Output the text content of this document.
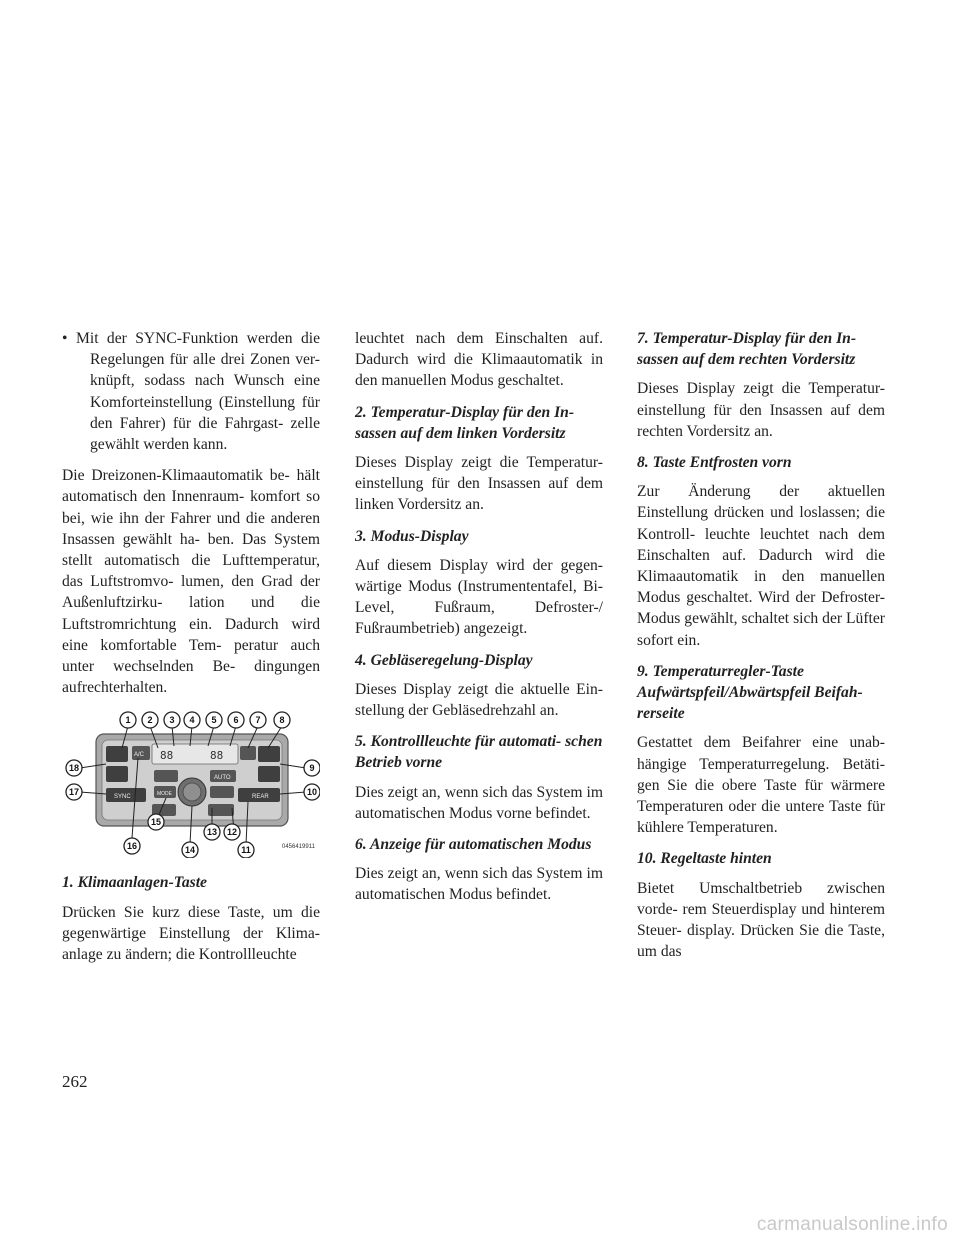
• Mit der SYNC-Funktion werden die Regelungen für alle drei Zonen ver- knüpft, sodass nach Wunsch eine Komforteinstellung (Einstellung für den Fahrer) für die Fahrgast- zelle gewählt werden kann.

Die Dreizonen-Klimaautomatik be- hält automatisch den Innenraum- komfort so bei, wie ihn der Fahrer und die anderen Insassen gewählt ha- ben. Das System stellt automatisch die Lufttemperatur, das Luftstromvo- lumen, den Grad der Außenluftzirku- lation und die Luftstromrichtung ein. Dadurch wird eine komfortable Tem- peratur auch unter wechselnden Be- dingungen aufrechterhalten.

A/C
SYNC
AUTO
REAR
MODE
88	88
1 2 3 4 5 6 7 8
9
10
11
12
13
14
15
16
17
18
0456419911
1. Klimaanlagen-Taste

Drücken Sie kurz diese Taste, um die gegenwärtige Einstellung der Klima- anlage zu ändern; die Kontrollleuchte

leuchtet nach dem Einschalten auf. Dadurch wird die Klimaautomatik in den manuellen Modus geschaltet.

2. Temperatur-Display für den In- sassen auf dem linken Vordersitz

Dieses Display zeigt die Temperatur- einstellung für den Insassen auf dem linken Vordersitz an.

3. Modus-Display

Auf diesem Display wird der gegen- wärtige Modus (Instrumententafel, Bi-Level, Fußraum, Defroster-/ Fußraumbetrieb) angezeigt.

4. Gebläseregelung-Display

Dieses Display zeigt die aktuelle Ein- stellung der Gebläsedrehzahl an.

5. Kontrollleuchte für automati- schen Betrieb vorne

Dies zeigt an, wenn sich das System im automatischen Modus vorne befindet.

6. Anzeige für automatischen Modus

Dies zeigt an, wenn sich das System im automatischen Modus befindet.

7. Temperatur-Display für den In- sassen auf dem rechten Vordersitz

Dieses Display zeigt die Temperatur- einstellung für den Insassen auf dem rechten Vordersitz an.

8. Taste Entfrosten vorn

Zur Änderung der aktuellen Einstellung drücken und loslassen; die Kontroll- leuchte leuchtet nach dem Einschalten auf. Dadurch wird die Klimaautomatik in den manuellen Modus geschaltet. Wird der Defroster-Modus gewählt, schaltet sich der Lüfter sofort ein.

9. Temperaturregler-Taste Aufwärtspfeil/Abwärtspfeil Beifah- rerseite

Gestattet dem Beifahrer eine unab- hängige Temperaturregelung. Betäti- gen Sie die obere Taste für wärmere Temperaturen oder die untere Taste für kühlere Temperaturen.

10. Regeltaste hinten

Bietet Umschaltbetrieb zwischen vorde- rem Steuerdisplay und hinterem Steuer- display. Drücken Sie die Taste, um das

262
carmanualsonline.info
